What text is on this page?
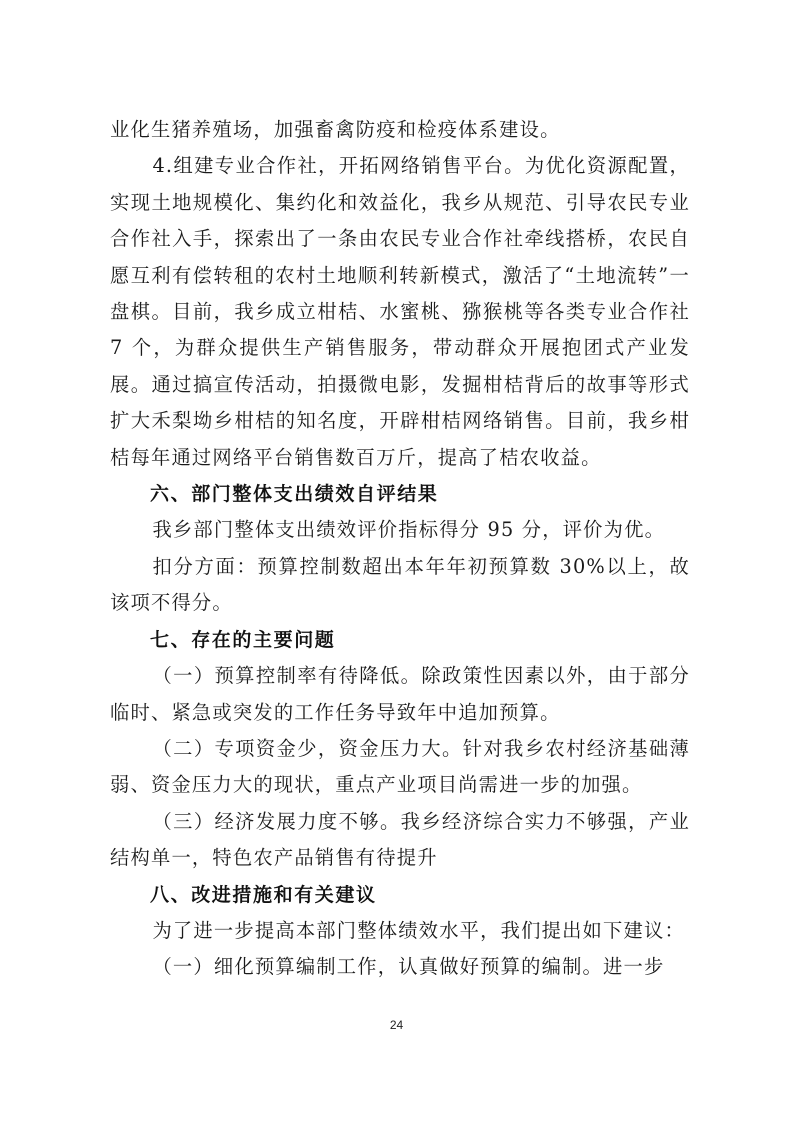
业化生猪养殖场，加强畜禽防疫和检疫体系建设。

4.组建专业合作社，开拓网络销售平台。为优化资源配置，实现土地规模化、集约化和效益化，我乡从规范、引导农民专业合作社入手，探索出了一条由农民专业合作社牵线搭桥，农民自愿互利有偿转租的农村土地顺利转新模式，激活了“土地流转”一盘棋。目前，我乡成立柑桔、水蜜桃、猕猴桃等各类专业合作社 7 个，为群众提供生产销售服务，带动群众开展抱团式产业发展。通过搞宣传活动，拍摄微电影，发掘柑桔背后的故事等形式扩大禾梨坳乡柑桔的知名度，开辟柑桔网络销售。目前，我乡柑桔每年通过网络平台销售数百万斤，提高了桔农收益。

六、部门整体支出绩效自评结果

我乡部门整体支出绩效评价指标得分 95 分，评价为优。

扣分方面：预算控制数超出本年年初预算数 30%以上，故该项不得分。

七、存在的主要问题

（一）预算控制率有待降低。除政策性因素以外，由于部分临时、紧急或突发的工作任务导致年中追加预算。

（二）专项资金少，资金压力大。针对我乡农村经济基础薄弱、资金压力大的现状，重点产业项目尚需进一步的加强。

（三）经济发展力度不够。我乡经济综合实力不够强，产业结构单一，特色农产品销售有待提升

八、改进措施和有关建议

为了进一步提高本部门整体绩效水平，我们提出如下建议：

（一）细化预算编制工作，认真做好预算的编制。进一步

24
